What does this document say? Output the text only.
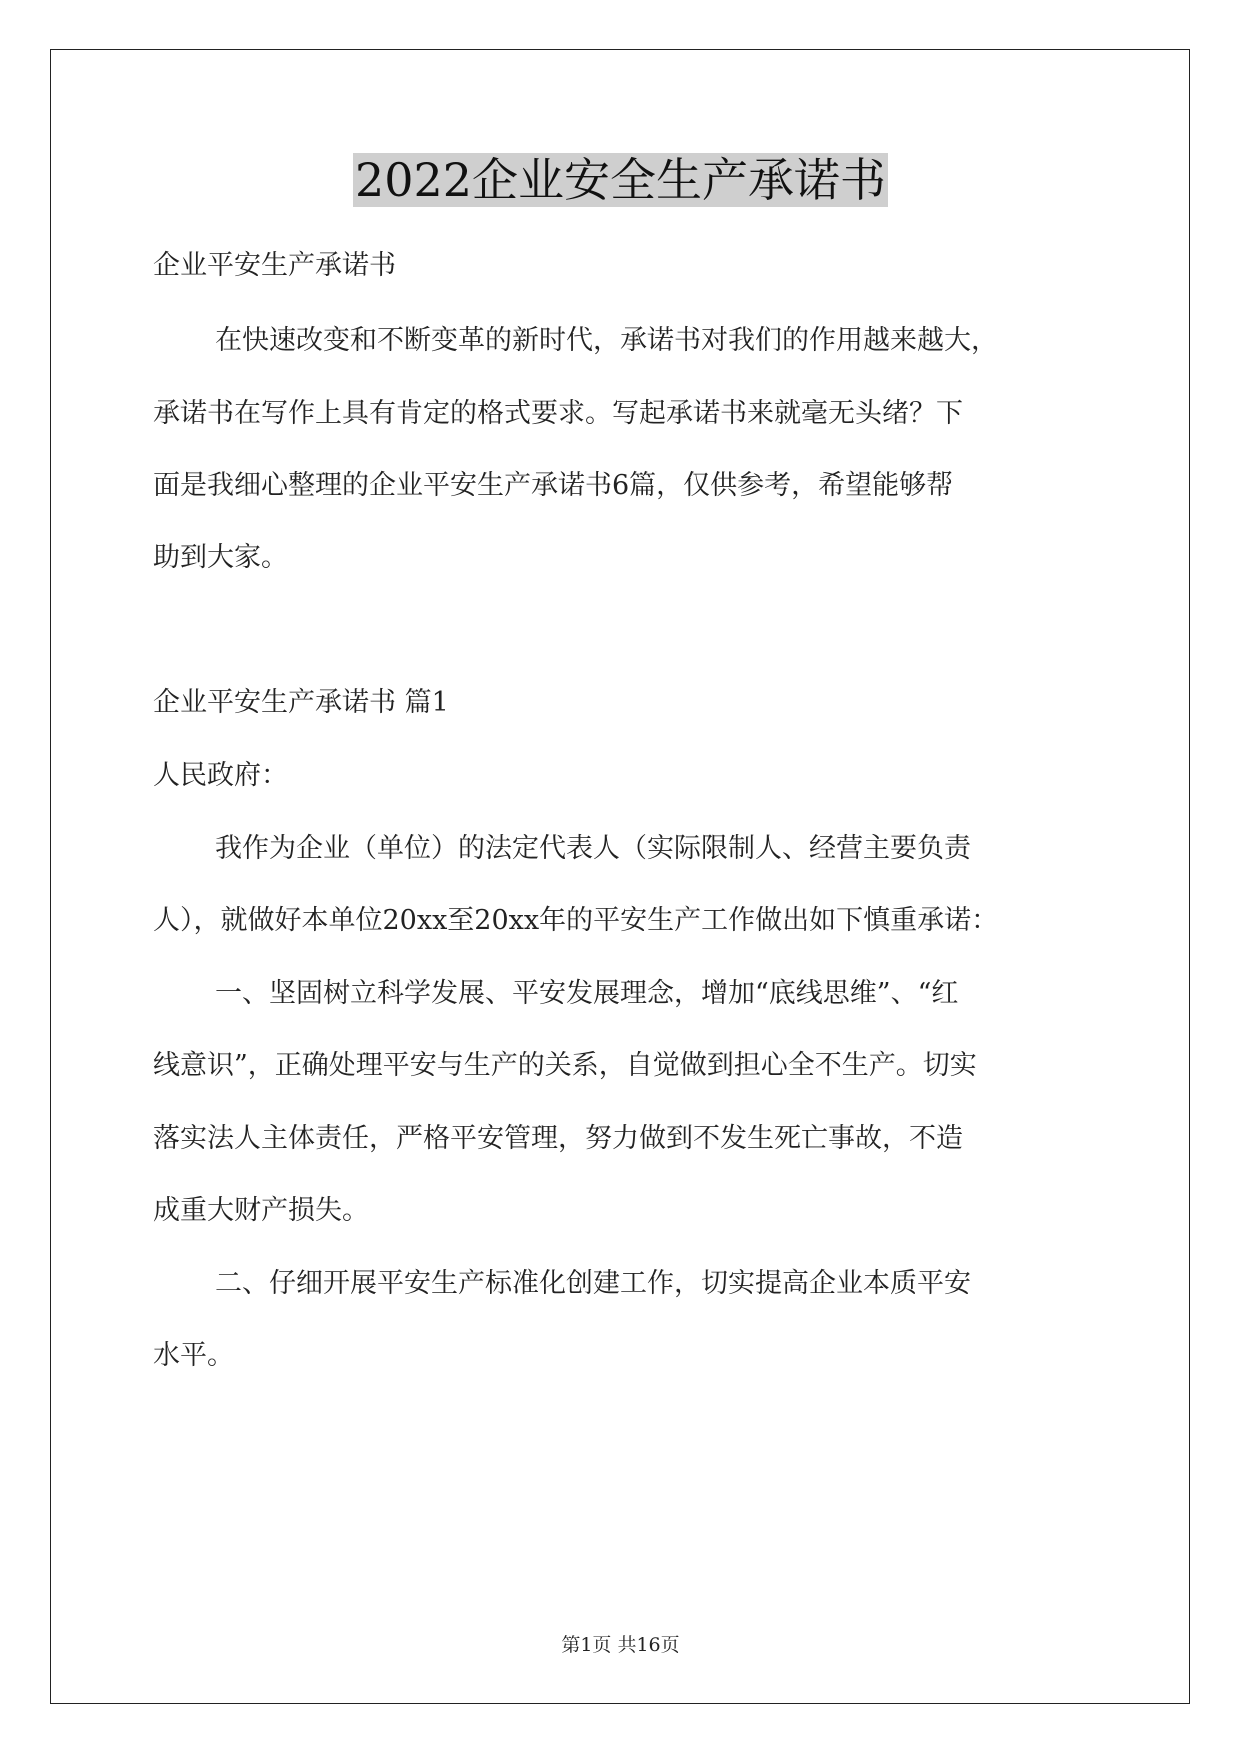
2022企业安全生产承诺书
企业平安生产承诺书
在快速改变和不断变革的新时代，承诺书对我们的作用越来越大，
承诺书在写作上具有肯定的格式要求。写起承诺书来就毫无头绪？下
面是我细心整理的企业平安生产承诺书6篇，仅供参考，希望能够帮
助到大家。
企业平安生产承诺书 篇1
人民政府：
我作为企业（单位）的法定代表人（实际限制人、经营主要负责
人），就做好本单位20xx至20xx年的平安生产工作做出如下慎重承诺：
一、坚固树立科学发展、平安发展理念，增加“底线思维”、“红
线意识”，正确处理平安与生产的关系，自觉做到担心全不生产。切实
落实法人主体责任，严格平安管理，努力做到不发生死亡事故，不造
成重大财产损失。
二、仔细开展平安生产标准化创建工作，切实提高企业本质平安
水平。
第1页 共16页
